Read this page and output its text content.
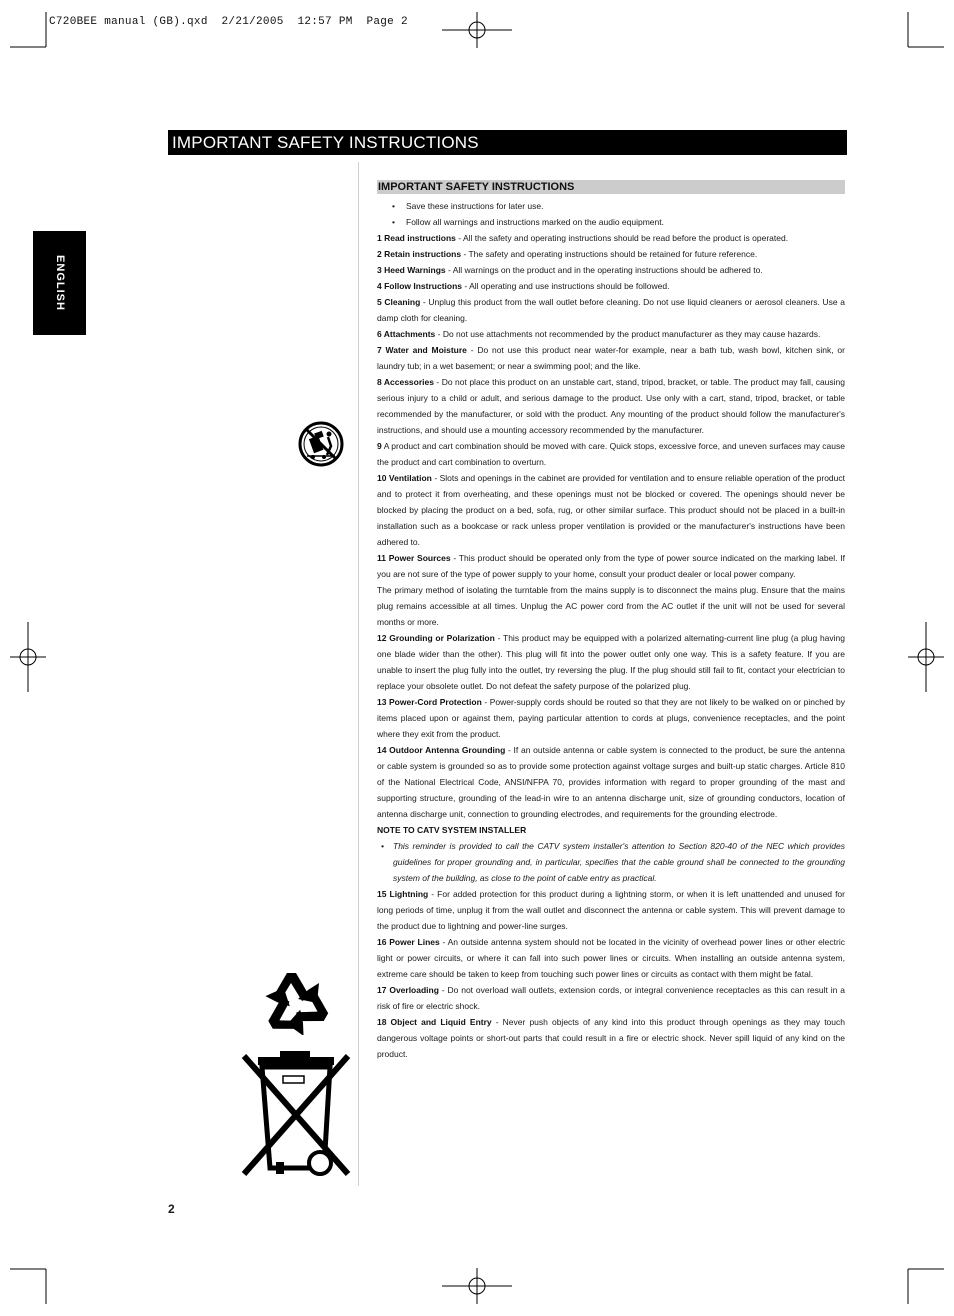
C720BEE manual (GB).qxd  2/21/2005  12:57 PM  Page 2
IMPORTANT SAFETY INSTRUCTIONS
ENGLISH
IMPORTANT SAFETY INSTRUCTIONS

• Save these instructions for later use.

• Follow all warnings and instructions marked on the audio equipment.

1 Read instructions - All the safety and operating instructions should be read before the product is operated.

2 Retain instructions - The safety and operating instructions should be retained for future reference.

3 Heed Warnings - All warnings on the product and in the operating instructions should be adhered to.

4 Follow Instructions - All operating and use instructions should be followed.

5 Cleaning - Unplug this product from the wall outlet before cleaning. Do not use liquid cleaners or aerosol cleaners. Use a damp cloth for cleaning.

6 Attachments - Do not use attachments not recommended by the product manufacturer as they may cause hazards.

7 Water and Moisture - Do not use this product near water-for example, near a bath tub, wash bowl, kitchen sink, or laundry tub; in a wet basement; or near a swimming pool; and the like.

8 Accessories - Do not place this product on an unstable cart, stand, tripod, bracket, or table. The product may fall, causing serious injury to a child or adult, and serious damage to the product. Use only with a cart, stand, tripod, bracket, or table recommended by the manufacturer, or sold with the product. Any mounting of the product should follow the manufacturer's instructions, and should use a mounting accessory recommended by the manufacturer.

9 A product and cart combination should be moved with care. Quick stops, excessive force, and uneven surfaces may cause the product and cart combination to overturn.

10 Ventilation - Slots and openings in the cabinet are provided for ventilation and to ensure reliable operation of the product and to protect it from overheating, and these openings must not be blocked or covered. The openings should never be blocked by placing the product on a bed, sofa, rug, or other similar surface. This product should not be placed in a built-in installation such as a bookcase or rack unless proper ventilation is provided or the manufacturer's instructions have been adhered to.

11 Power Sources - This product should be operated only from the type of power source indicated on the marking label. If you are not sure of the type of power supply to your home, consult your product dealer or local power company.

The primary method of isolating the turntable from the mains supply is to disconnect the mains plug. Ensure that the mains plug remains accessible at all times. Unplug the AC power cord from the AC outlet if the unit will not be used for several months or more.

12 Grounding or Polarization - This product may be equipped with a polarized alternating-current line plug (a plug having one blade wider than the other). This plug will fit into the power outlet only one way. This is a safety feature. If you are unable to insert the plug fully into the outlet, try reversing the plug. If the plug should still fail to fit, contact your electrician to replace your obsolete outlet. Do not defeat the safety purpose of the polarized plug.

13 Power-Cord Protection - Power-supply cords should be routed so that they are not likely to be walked on or pinched by items placed upon or against them, paying particular attention to cords at plugs, convenience receptacles, and the point where they exit from the product.

14 Outdoor Antenna Grounding - If an outside antenna or cable system is connected to the product, be sure the antenna or cable system is grounded so as to provide some protection against voltage surges and built-up static charges. Article 810 of the National Electrical Code, ANSI/NFPA 70, provides information with regard to proper grounding of the mast and supporting structure, grounding of the lead-in wire to an antenna discharge unit, size of grounding conductors, location of antenna discharge unit, connection to grounding electrodes, and requirements for the grounding electrode.

NOTE TO CATV SYSTEM INSTALLER

• This reminder is provided to call the CATV system installer's attention to Section 820-40 of the NEC which provides guidelines for proper grounding and, in particular, specifies that the cable ground shall be connected to the grounding system of the building, as close to the point of cable entry as practical.

15 Lightning - For added protection for this product during a lightning storm, or when it is left unattended and unused for long periods of time, unplug it from the wall outlet and disconnect the antenna or cable system. This will prevent damage to the product due to lightning and power-line surges.

16 Power Lines - An outside antenna system should not be located in the vicinity of overhead power lines or other electric light or power circuits, or where it can fall into such power lines or circuits. When installing an outside antenna system, extreme care should be taken to keep from touching such power lines or circuits as contact with them might be fatal.

17 Overloading - Do not overload wall outlets, extension cords, or integral convenience receptacles as this can result in a risk of fire or electric shock.

18 Object and Liquid Entry - Never push objects of any kind into this product through openings as they may touch dangerous voltage points or short-out parts that could result in a fire or electric shock. Never spill liquid of any kind on the product.

2
